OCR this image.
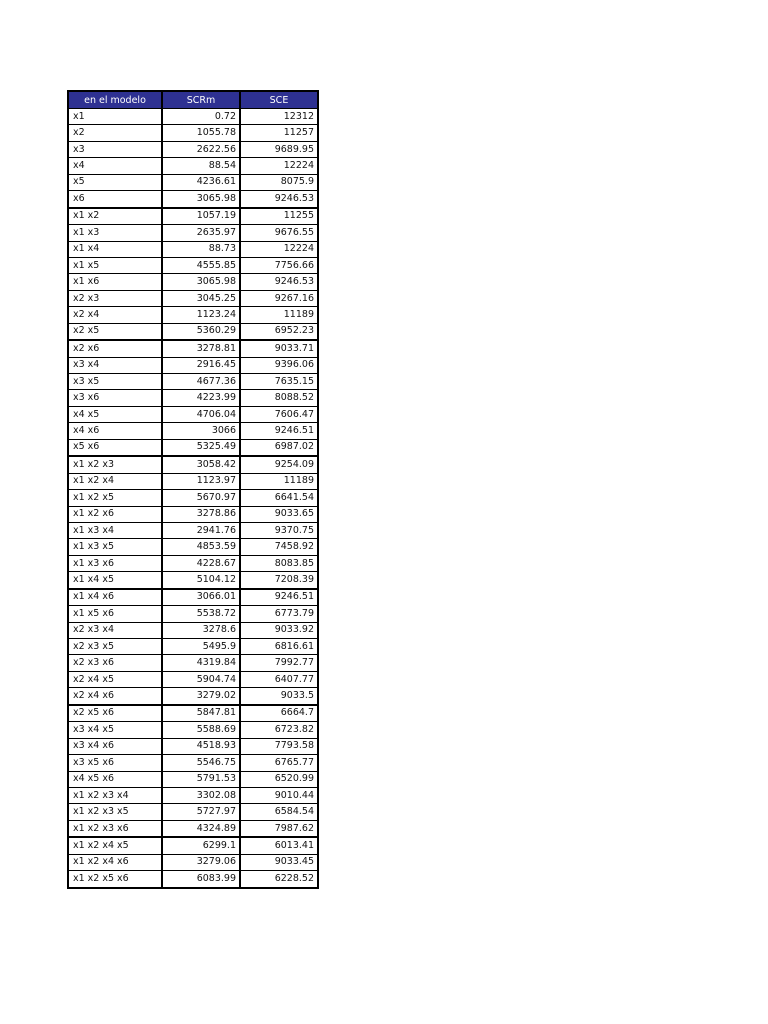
en el modelo	SCRm	SCE
x1	0.72	12312
x2	1055.78	11257
x3	2622.56	9689.95
x4	88.54	12224
x5	4236.61	8075.9
x6	3065.98	9246.53
x1 x2	1057.19	11255
x1 x3	2635.97	9676.55
x1 x4	88.73	12224
x1 x5	4555.85	7756.66
x1 x6	3065.98	9246.53
x2 x3	3045.25	9267.16
x2 x4	1123.24	11189
x2 x5	5360.29	6952.23
x2 x6	3278.81	9033.71
x3 x4	2916.45	9396.06
x3 x5	4677.36	7635.15
x3 x6	4223.99	8088.52
x4 x5	4706.04	7606.47
x4 x6	3066	9246.51
x5 x6	5325.49	6987.02
x1 x2 x3	3058.42	9254.09
x1 x2 x4	1123.97	11189
x1 x2 x5	5670.97	6641.54
x1 x2 x6	3278.86	9033.65
x1 x3 x4	2941.76	9370.75
x1 x3 x5	4853.59	7458.92
x1 x3 x6	4228.67	8083.85
x1 x4 x5	5104.12	7208.39
x1 x4 x6	3066.01	9246.51
x1 x5 x6	5538.72	6773.79
x2 x3 x4	3278.6	9033.92
x2 x3 x5	5495.9	6816.61
x2 x3 x6	4319.84	7992.77
x2 x4 x5	5904.74	6407.77
x2 x4 x6	3279.02	9033.5
x2 x5 x6	5847.81	6664.7
x3 x4 x5	5588.69	6723.82
x3 x4 x6	4518.93	7793.58
x3 x5 x6	5546.75	6765.77
x4 x5 x6	5791.53	6520.99
x1 x2 x3 x4	3302.08	9010.44
x1 x2 x3 x5	5727.97	6584.54
x1 x2 x3 x6	4324.89	7987.62
x1 x2 x4 x5	6299.1	6013.41
x1 x2 x4 x6	3279.06	9033.45
x1 x2 x5 x6	6083.99	6228.52
